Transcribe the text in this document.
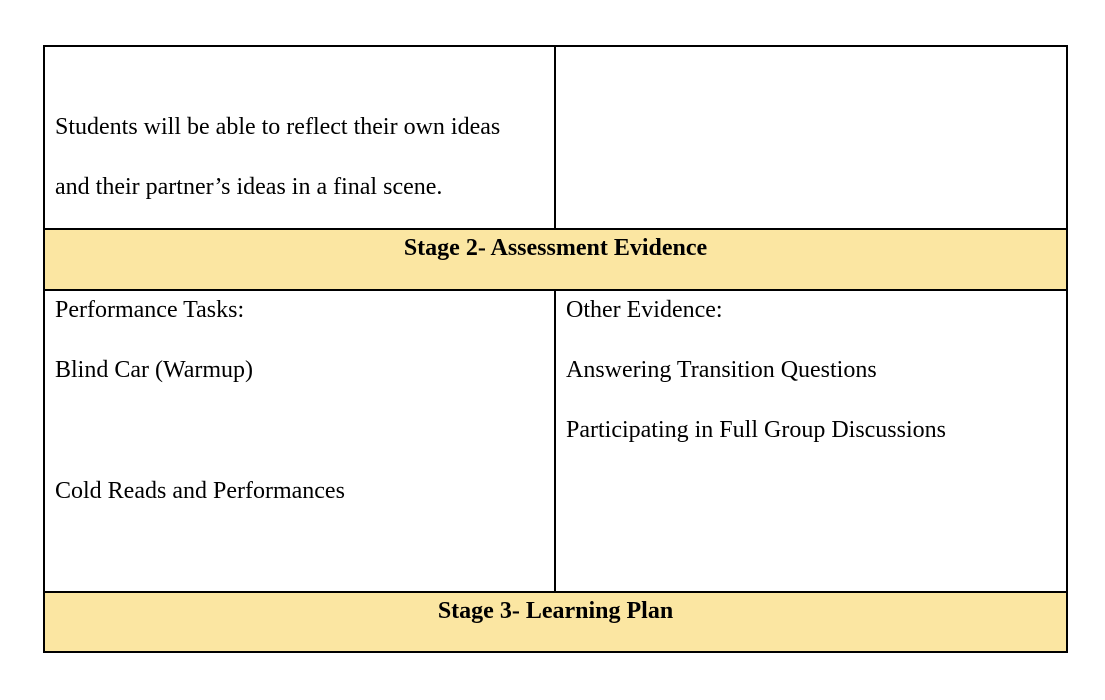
Students will be able to reflect their own ideas
and their partner’s ideas in a final scene.
Stage 2- Assessment Evidence
Performance Tasks:
Blind Car (Warmup)
Cold Reads and Performances
Other Evidence:
Answering Transition Questions
Participating in Full Group Discussions
Stage 3- Learning Plan
